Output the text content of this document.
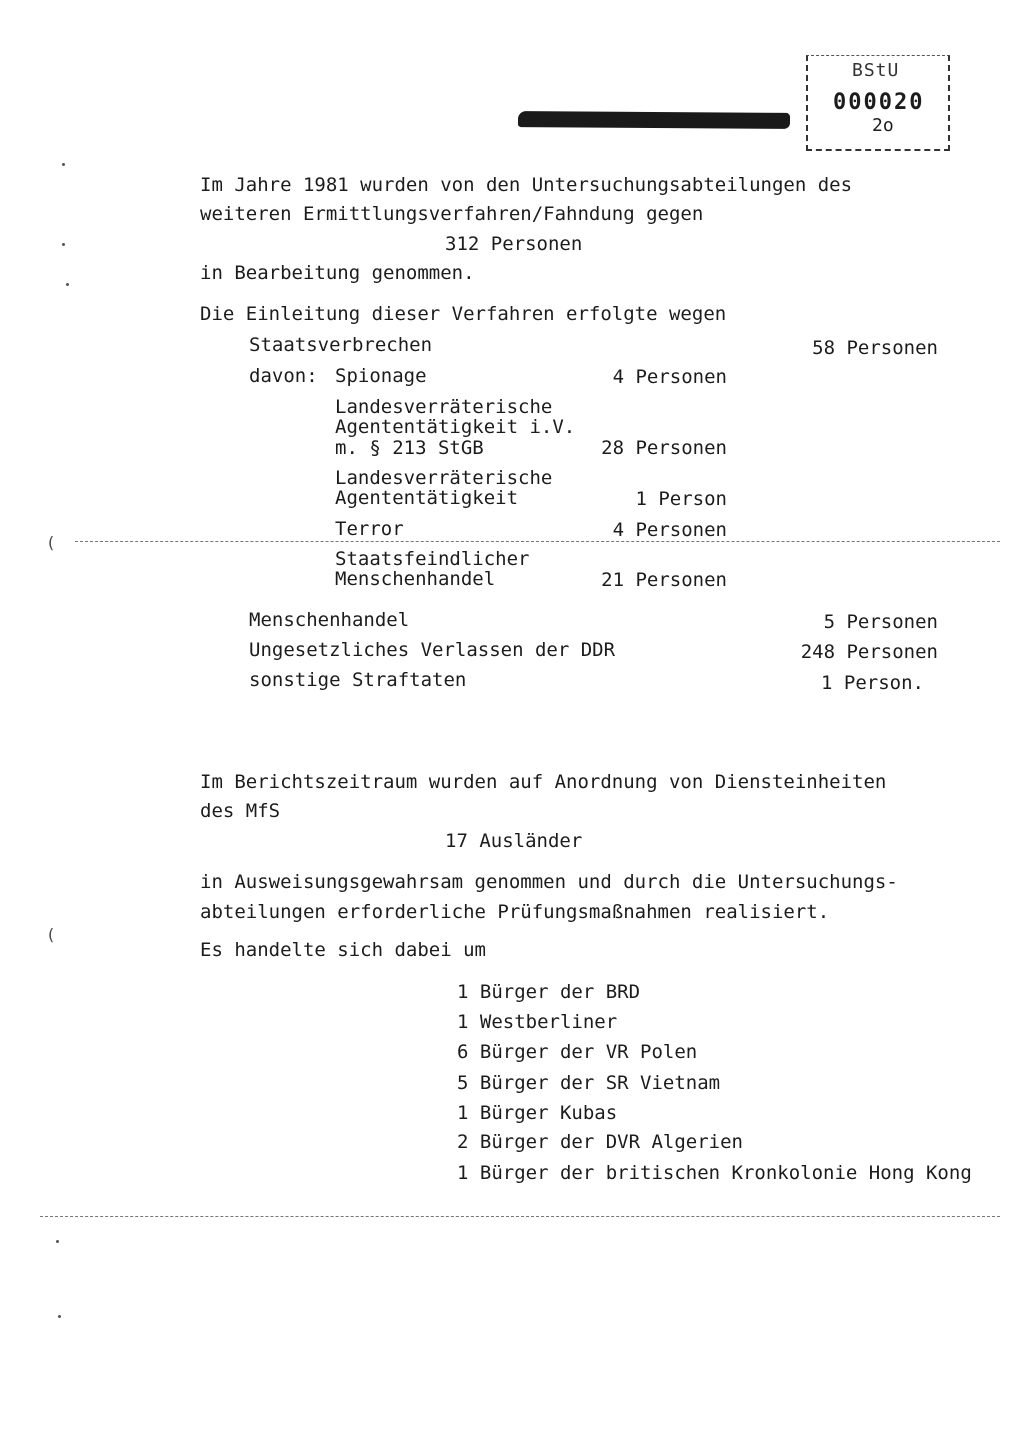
BStU
000020
2o
(
(
Im Jahre 1981 wurden von den Untersuchungsabteilungen des
weiteren Ermittlungsverfahren/Fahndung gegen
312 Personen
in Bearbeitung genommen.
Die Einleitung dieser Verfahren erfolgte wegen
Staatsverbrechen	58 Personen
davon: Spionage	4 Personen
Landesverräterische
Agententätigkeit i.V.
m. § 213 StGB	28 Personen
Landesverräterische
Agententätigkeit	1 Person
Terror	4 Personen
Staatsfeindlicher
Menschenhandel	21 Personen
Menschenhandel	5 Personen
Ungesetzliches Verlassen der DDR	248 Personen
sonstige Straftaten	1 Person.
Im Berichtszeitraum wurden auf Anordnung von Diensteinheiten
des MfS
17 Ausländer
in Ausweisungsgewahrsam genommen und durch die Untersuchungs-
abteilungen erforderliche Prüfungsmaßnahmen realisiert.
Es handelte sich dabei um
1 Bürger der BRD
1 Westberliner
6 Bürger der VR Polen
5 Bürger der SR Vietnam
1 Bürger Kubas
2 Bürger der DVR Algerien
1 Bürger der britischen Kronkolonie Hong Kong
